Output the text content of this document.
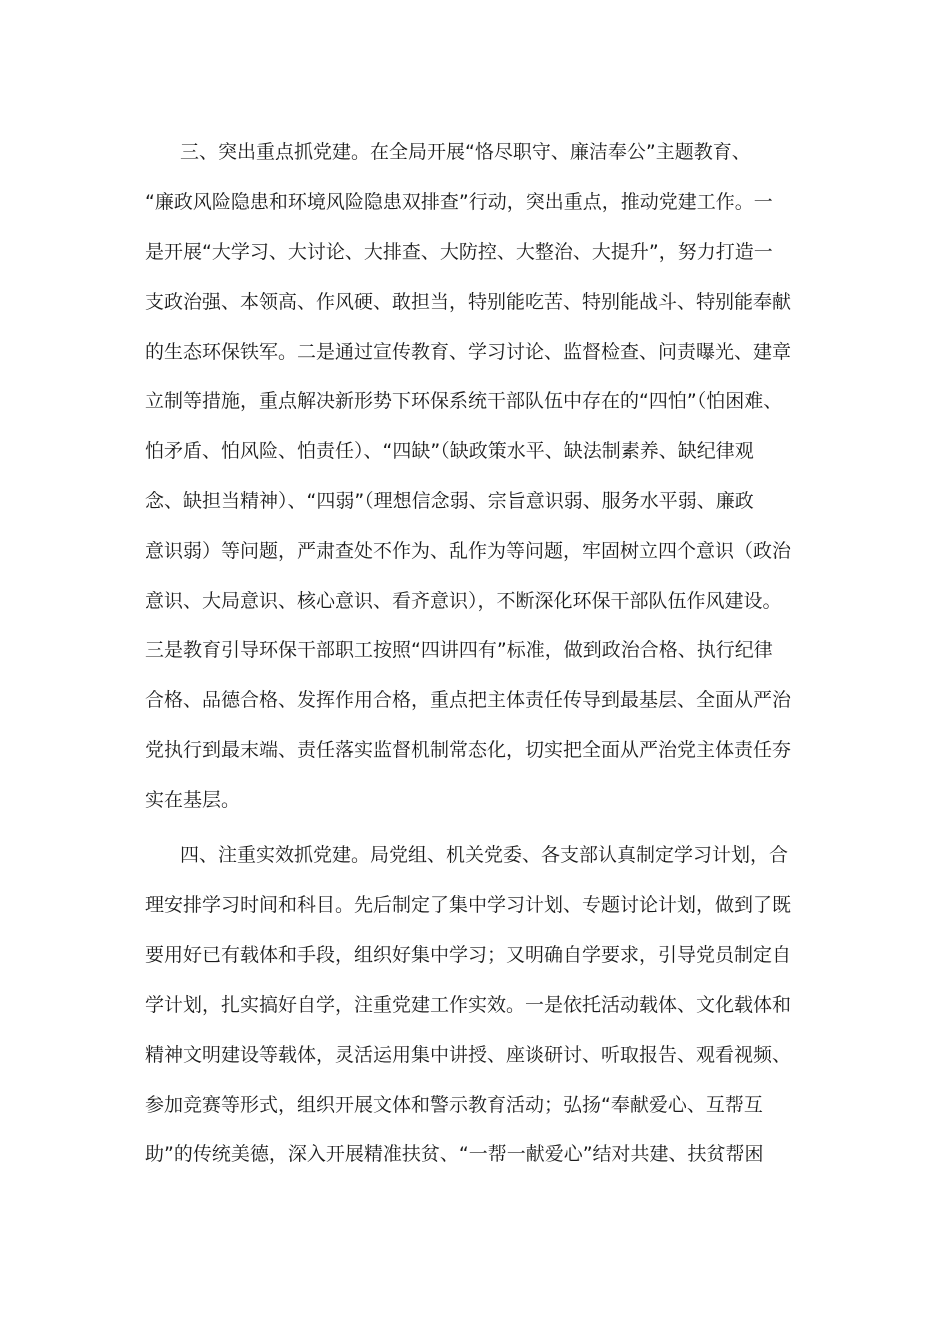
三、突出重点抓党建。在全局开展“恪尽职守、廉洁奉公”主题教育、
“廉政风险隐患和环境风险隐患双排查”行动，突出重点，推动党建工作。一
是开展“大学习、大讨论、大排查、大防控、大整治、大提升”，努力打造一
支政治强、本领高、作风硬、敢担当，特别能吃苦、特别能战斗、特别能奉献
的生态环保铁军。二是通过宣传教育、学习讨论、监督检查、问责曝光、建章
立制等措施，重点解决新形势下环保系统干部队伍中存在的“四怕”（怕困难、
怕矛盾、怕风险、怕责任）、“四缺”（缺政策水平、缺法制素养、缺纪律观
念、缺担当精神）、“四弱”（理想信念弱、宗旨意识弱、服务水平弱、廉政
意识弱）等问题，严肃查处不作为、乱作为等问题，牢固树立四个意识（政治
意识、大局意识、核心意识、看齐意识），不断深化环保干部队伍作风建设。
三是教育引导环保干部职工按照“四讲四有”标准，做到政治合格、执行纪律
合格、品德合格、发挥作用合格，重点把主体责任传导到最基层、全面从严治
党执行到最末端、责任落实监督机制常态化，切实把全面从严治党主体责任夯
实在基层。
四、注重实效抓党建。局党组、机关党委、各支部认真制定学习计划，合
理安排学习时间和科目。先后制定了集中学习计划、专题讨论计划，做到了既
要用好已有载体和手段，组织好集中学习；又明确自学要求，引导党员制定自
学计划，扎实搞好自学，注重党建工作实效。一是依托活动载体、文化载体和
精神文明建设等载体，灵活运用集中讲授、座谈研讨、听取报告、观看视频、
参加竞赛等形式，组织开展文体和警示教育活动；弘扬“奉献爱心、互帮互
助”的传统美德，深入开展精准扶贫、“一帮一献爱心”结对共建、扶贫帮困
